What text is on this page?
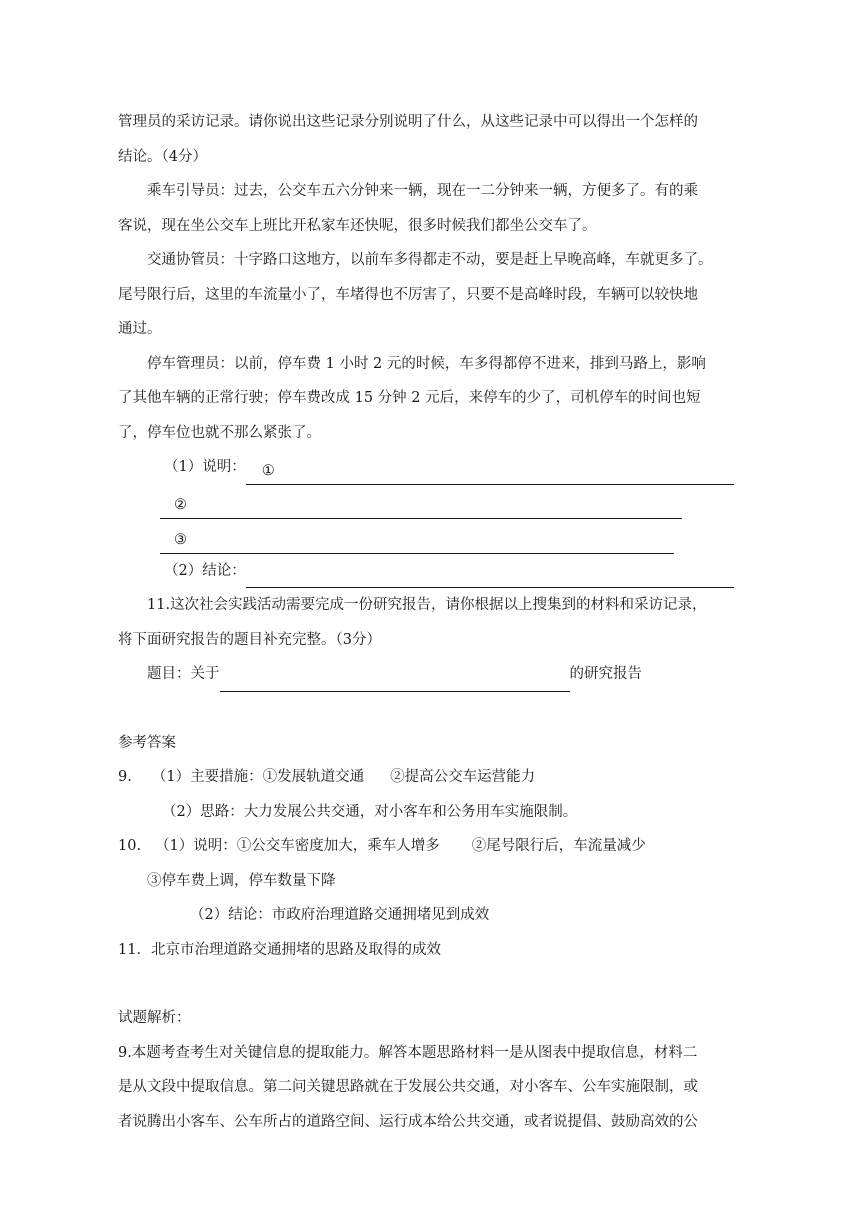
管理员的采访记录。请你说出这些记录分别说明了什么，从这些记录中可以得出一个怎样的

结论。（4分）

乘车引导员：过去，公交车五六分钟来一辆，现在一二分钟来一辆，方便多了。有的乘

客说，现在坐公交车上班比开私家车还快呢，很多时候我们都坐公交车了。

交通协管员：十字路口这地方，以前车多得都走不动，要是赶上早晚高峰，车就更多了。

尾号限行后，这里的车流量小了，车堵得也不厉害了，只要不是高峰时段，车辆可以较快地

通过。

停车管理员：以前，停车费 1 小时 2 元的时候，车多得都停不进来，排到马路上，影响

了其他车辆的正常行驶；停车费改成 15 分钟 2 元后，来停车的少了，司机停车的时间也短

了，停车位也就不那么紧张了。

（1）说明：	①
②
③
（2）结论：

11.这次社会实践活动需要完成一份研究报告，请你根据以上搜集到的材料和采访记录，

将下面研究报告的题目补充完整。（3分）

题目：关于	的研究报告

参考答案

9. （1）主要措施：①发展轨道交通 ②提高公交车运营能力

（2）思路：大力发展公共交通，对小客车和公务用车实施限制。

10. （1）说明：①公交车密度加大，乘车人增多 ②尾号限行后，车流量减少

③停车费上调，停车数量下降

（2）结论：市政府治理道路交通拥堵见到成效

11．北京市治理道路交通拥堵的思路及取得的成效

试题解析：

9.本题考查考生对关键信息的提取能力。解答本题思路材料一是从图表中提取信息，材料二

是从文段中提取信息。第二问关键思路就在于发展公共交通，对小客车、公车实施限制，或

者说腾出小客车、公车所占的道路空间、运行成本给公共交通，或者说提倡、鼓励高效的公
